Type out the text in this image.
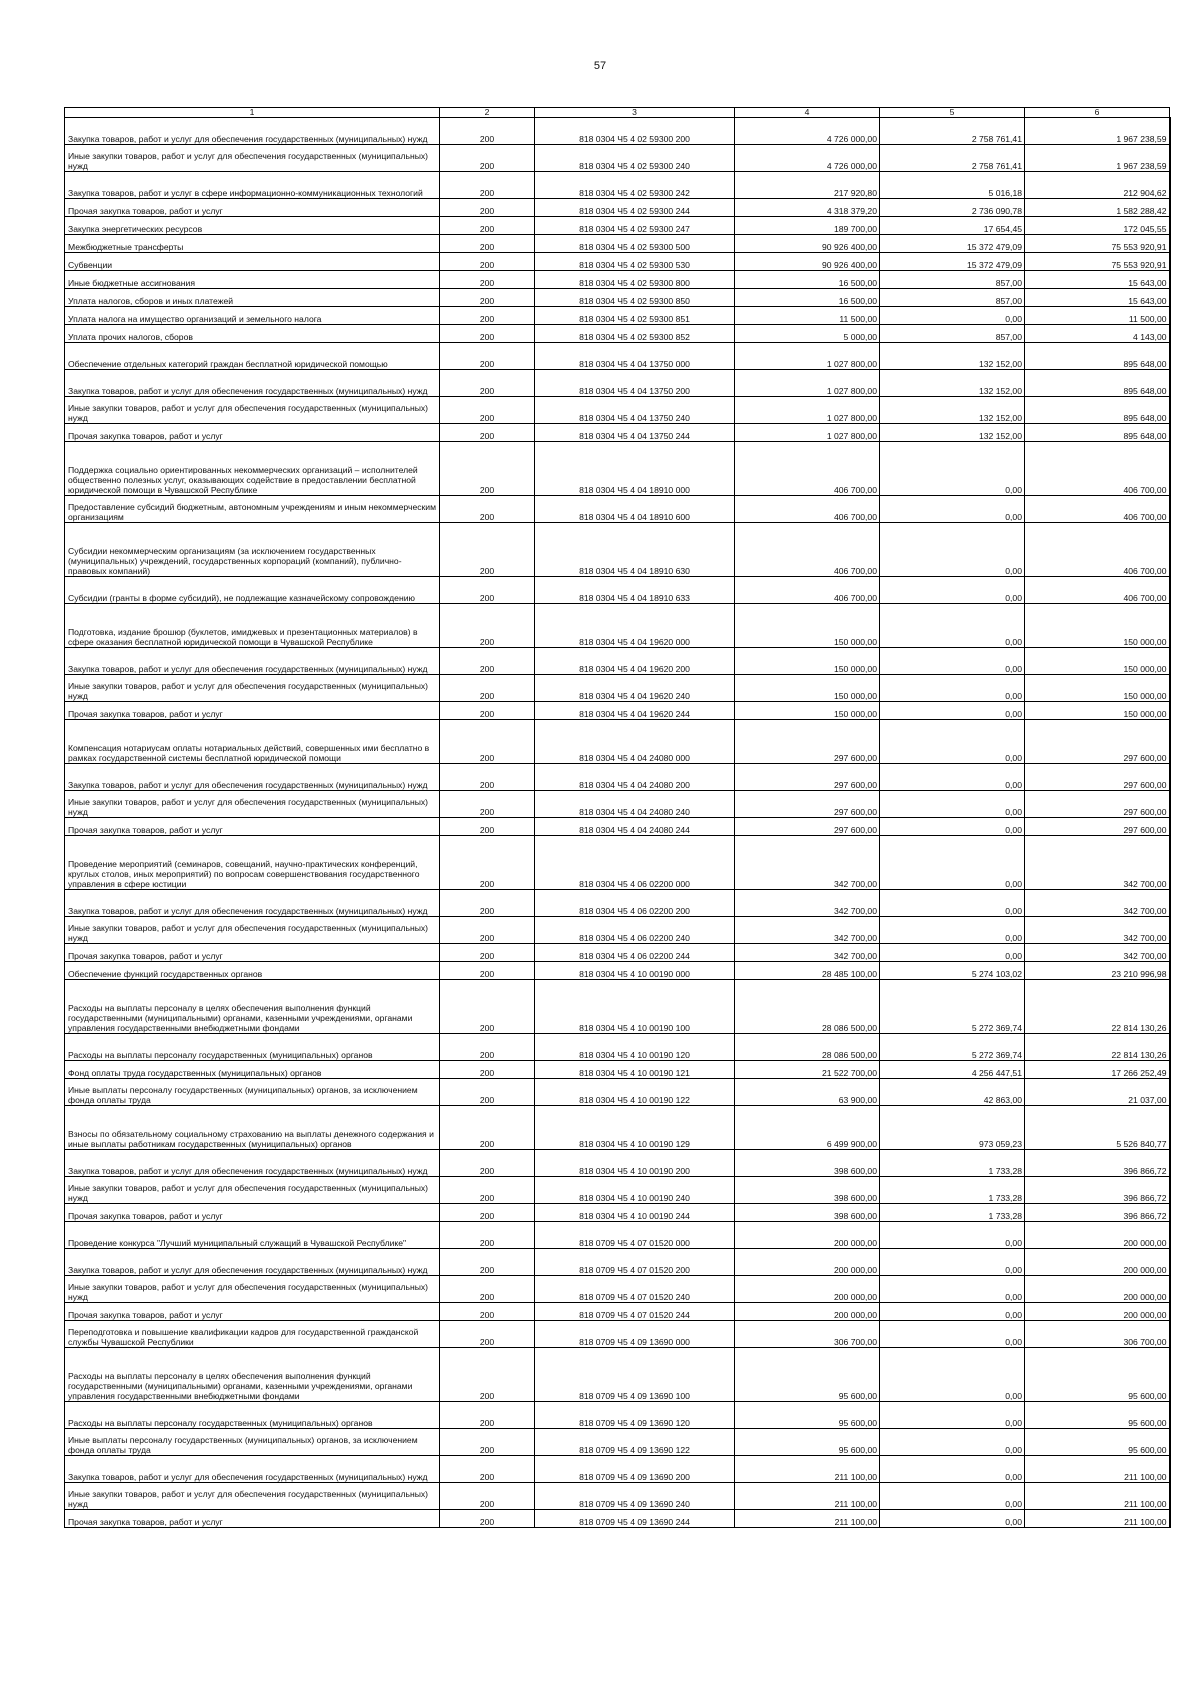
57
1	2	3	4	5	6
Закупка товаров, работ и услуг для обеспечения государственных (муниципальных) нужд	200	818 0304 Ч5 4 02 59300 200	4 726 000,00	2 758 761,41	1 967 238,59
Иные закупки товаров, работ и услуг для обеспечения государственных (муниципальных) нужд	200	818 0304 Ч5 4 02 59300 240	4 726 000,00	2 758 761,41	1 967 238,59
Закупка товаров, работ и услуг в сфере информационно-коммуникационных технологий	200	818 0304 Ч5 4 02 59300 242	217 920,80	5 016,18	212 904,62
Прочая закупка товаров, работ и услуг	200	818 0304 Ч5 4 02 59300 244	4 318 379,20	2 736 090,78	1 582 288,42
Закупка энергетических ресурсов	200	818 0304 Ч5 4 02 59300 247	189 700,00	17 654,45	172 045,55
Межбюджетные трансферты	200	818 0304 Ч5 4 02 59300 500	90 926 400,00	15 372 479,09	75 553 920,91
Субвенции	200	818 0304 Ч5 4 02 59300 530	90 926 400,00	15 372 479,09	75 553 920,91
Иные бюджетные ассигнования	200	818 0304 Ч5 4 02 59300 800	16 500,00	857,00	15 643,00
Уплата налогов, сборов и иных платежей	200	818 0304 Ч5 4 02 59300 850	16 500,00	857,00	15 643,00
Уплата налога на имущество организаций и земельного налога	200	818 0304 Ч5 4 02 59300 851	11 500,00	0,00	11 500,00
Уплата прочих налогов, сборов	200	818 0304 Ч5 4 02 59300 852	5 000,00	857,00	4 143,00
Обеспечение отдельных категорий граждан бесплатной юридической помощью	200	818 0304 Ч5 4 04 13750 000	1 027 800,00	132 152,00	895 648,00
Закупка товаров, работ и услуг для обеспечения государственных (муниципальных) нужд	200	818 0304 Ч5 4 04 13750 200	1 027 800,00	132 152,00	895 648,00
Иные закупки товаров, работ и услуг для обеспечения государственных (муниципальных) нужд	200	818 0304 Ч5 4 04 13750 240	1 027 800,00	132 152,00	895 648,00
Прочая закупка товаров, работ и услуг	200	818 0304 Ч5 4 04 13750 244	1 027 800,00	132 152,00	895 648,00
Поддержка социально ориентированных некоммерческих организаций – исполнителей общественно полезных услуг, оказывающих содействие в предоставлении бесплатной юридической помощи в Чувашской Республике	200	818 0304 Ч5 4 04 18910 000	406 700,00	0,00	406 700,00
Предоставление субсидий бюджетным, автономным учреждениям и иным некоммерческим организациям	200	818 0304 Ч5 4 04 18910 600	406 700,00	0,00	406 700,00
Субсидии некоммерческим организациям (за исключением государственных (муниципальных) учреждений, государственных корпораций (компаний), публично-правовых компаний)	200	818 0304 Ч5 4 04 18910 630	406 700,00	0,00	406 700,00
Субсидии (гранты в форме субсидий), не подлежащие казначейскому сопровождению	200	818 0304 Ч5 4 04 18910 633	406 700,00	0,00	406 700,00
Подготовка, издание брошюр (буклетов, имиджевых и презентационных материалов) в сфере оказания бесплатной юридической помощи в Чувашской Республике	200	818 0304 Ч5 4 04 19620 000	150 000,00	0,00	150 000,00
Закупка товаров, работ и услуг для обеспечения государственных (муниципальных) нужд	200	818 0304 Ч5 4 04 19620 200	150 000,00	0,00	150 000,00
Иные закупки товаров, работ и услуг для обеспечения государственных (муниципальных) нужд	200	818 0304 Ч5 4 04 19620 240	150 000,00	0,00	150 000,00
Прочая закупка товаров, работ и услуг	200	818 0304 Ч5 4 04 19620 244	150 000,00	0,00	150 000,00
Компенсация нотариусам оплаты нотариальных действий, совершенных ими бесплатно в рамках государственной системы бесплатной юридической помощи	200	818 0304 Ч5 4 04 24080 000	297 600,00	0,00	297 600,00
Закупка товаров, работ и услуг для обеспечения государственных (муниципальных) нужд	200	818 0304 Ч5 4 04 24080 200	297 600,00	0,00	297 600,00
Иные закупки товаров, работ и услуг для обеспечения государственных (муниципальных) нужд	200	818 0304 Ч5 4 04 24080 240	297 600,00	0,00	297 600,00
Прочая закупка товаров, работ и услуг	200	818 0304 Ч5 4 04 24080 244	297 600,00	0,00	297 600,00
Проведение мероприятий (семинаров, совещаний, научно-практических конференций, круглых столов, иных мероприятий) по вопросам совершенствования государственного управления в сфере юстиции	200	818 0304 Ч5 4 06 02200 000	342 700,00	0,00	342 700,00
Закупка товаров, работ и услуг для обеспечения государственных (муниципальных) нужд	200	818 0304 Ч5 4 06 02200 200	342 700,00	0,00	342 700,00
Иные закупки товаров, работ и услуг для обеспечения государственных (муниципальных) нужд	200	818 0304 Ч5 4 06 02200 240	342 700,00	0,00	342 700,00
Прочая закупка товаров, работ и услуг	200	818 0304 Ч5 4 06 02200 244	342 700,00	0,00	342 700,00
Обеспечение функций государственных органов	200	818 0304 Ч5 4 10 00190 000	28 485 100,00	5 274 103,02	23 210 996,98
Расходы на выплаты персоналу в целях обеспечения выполнения функций государственными (муниципальными) органами, казенными учреждениями, органами управления государственными внебюджетными фондами	200	818 0304 Ч5 4 10 00190 100	28 086 500,00	5 272 369,74	22 814 130,26
Расходы на выплаты персоналу государственных (муниципальных) органов	200	818 0304 Ч5 4 10 00190 120	28 086 500,00	5 272 369,74	22 814 130,26
Фонд оплаты труда государственных (муниципальных) органов	200	818 0304 Ч5 4 10 00190 121	21 522 700,00	4 256 447,51	17 266 252,49
Иные выплаты персоналу государственных (муниципальных) органов, за исключением фонда оплаты труда	200	818 0304 Ч5 4 10 00190 122	63 900,00	42 863,00	21 037,00
Взносы по обязательному социальному страхованию на выплаты денежного содержания и иные выплаты работникам государственных (муниципальных) органов	200	818 0304 Ч5 4 10 00190 129	6 499 900,00	973 059,23	5 526 840,77
Закупка товаров, работ и услуг для обеспечения государственных (муниципальных) нужд	200	818 0304 Ч5 4 10 00190 200	398 600,00	1 733,28	396 866,72
Иные закупки товаров, работ и услуг для обеспечения государственных (муниципальных) нужд	200	818 0304 Ч5 4 10 00190 240	398 600,00	1 733,28	396 866,72
Прочая закупка товаров, работ и услуг	200	818 0304 Ч5 4 10 00190 244	398 600,00	1 733,28	396 866,72
Проведение конкурса "Лучший муниципальный служащий в Чувашской Республике"	200	818 0709 Ч5 4 07 01520 000	200 000,00	0,00	200 000,00
Закупка товаров, работ и услуг для обеспечения государственных (муниципальных) нужд	200	818 0709 Ч5 4 07 01520 200	200 000,00	0,00	200 000,00
Иные закупки товаров, работ и услуг для обеспечения государственных (муниципальных) нужд	200	818 0709 Ч5 4 07 01520 240	200 000,00	0,00	200 000,00
Прочая закупка товаров, работ и услуг	200	818 0709 Ч5 4 07 01520 244	200 000,00	0,00	200 000,00
Переподготовка и повышение квалификации кадров для государственной гражданской службы Чувашской Республики	200	818 0709 Ч5 4 09 13690 000	306 700,00	0,00	306 700,00
Расходы на выплаты персоналу в целях обеспечения выполнения функций государственными (муниципальными) органами, казенными учреждениями, органами управления государственными внебюджетными фондами	200	818 0709 Ч5 4 09 13690 100	95 600,00	0,00	95 600,00
Расходы на выплаты персоналу государственных (муниципальных) органов	200	818 0709 Ч5 4 09 13690 120	95 600,00	0,00	95 600,00
Иные выплаты персоналу государственных (муниципальных) органов, за исключением фонда оплаты труда	200	818 0709 Ч5 4 09 13690 122	95 600,00	0,00	95 600,00
Закупка товаров, работ и услуг для обеспечения государственных (муниципальных) нужд	200	818 0709 Ч5 4 09 13690 200	211 100,00	0,00	211 100,00
Иные закупки товаров, работ и услуг для обеспечения государственных (муниципальных) нужд	200	818 0709 Ч5 4 09 13690 240	211 100,00	0,00	211 100,00
Прочая закупка товаров, работ и услуг	200	818 0709 Ч5 4 09 13690 244	211 100,00	0,00	211 100,00
